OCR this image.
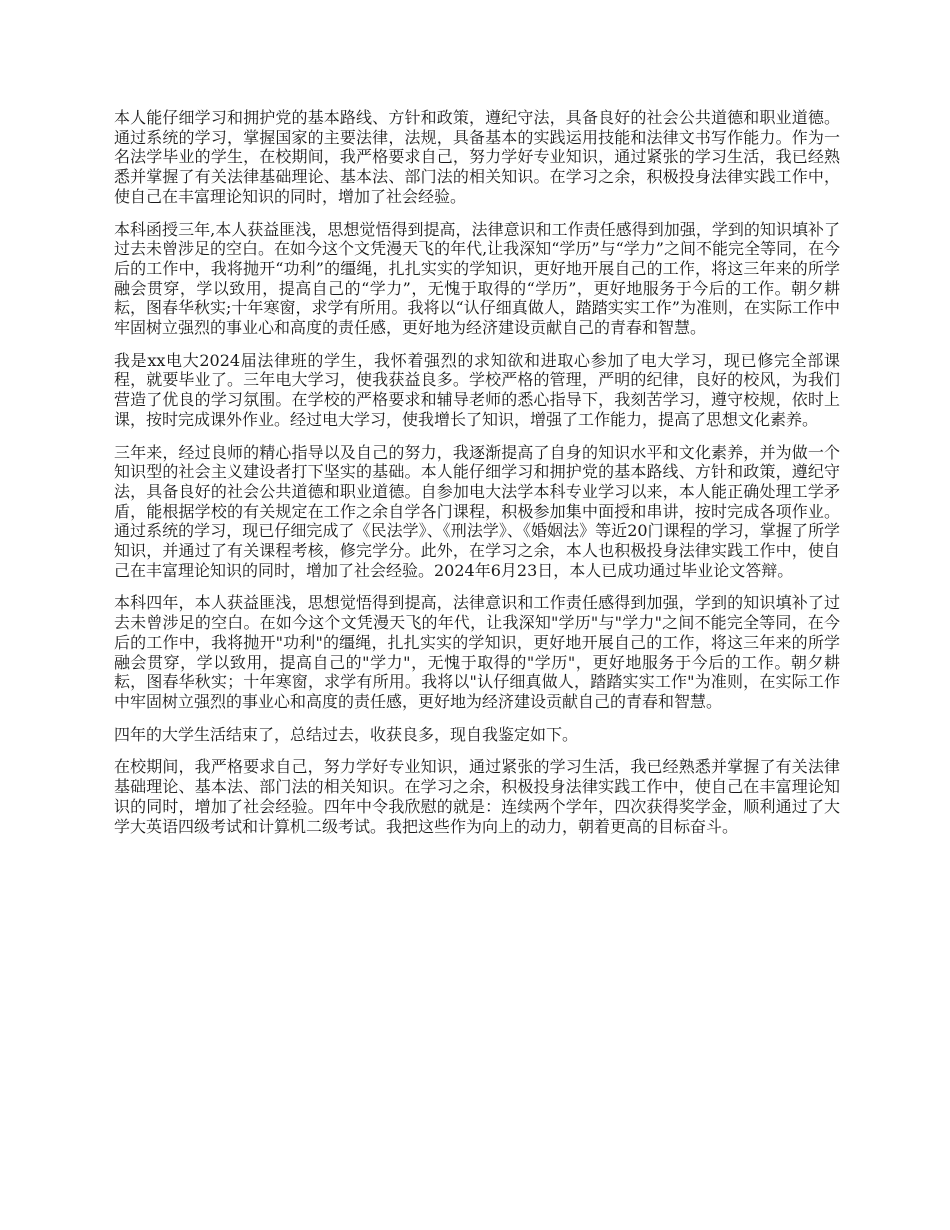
本人能仔细学习和拥护党的基本路线、方针和政策，遵纪守法，具备良好的社会公共道德和职业道德。通过系统的学习，掌握国家的主要法律，法规，具备基本的实践运用技能和法律文书写作能力。作为一名法学毕业的学生，在校期间，我严格要求自己，努力学好专业知识，通过紧张的学习生活，我已经熟悉并掌握了有关法律基础理论、基本法、部门法的相关知识。在学习之余，积极投身法律实践工作中，使自己在丰富理论知识的同时，增加了社会经验。

本科函授三年,本人获益匪浅，思想觉悟得到提高，法律意识和工作责任感得到加强，学到的知识填补了过去未曾涉足的空白。在如今这个文凭漫天飞的年代,让我深知“学历”与“学力”之间不能完全等同，在今后的工作中，我将抛开“功利”的缰绳，扎扎实实的学知识，更好地开展自己的工作，将这三年来的所学融会贯穿，学以致用，提高自己的“学力”，无愧于取得的“学历”，更好地服务于今后的工作。朝夕耕耘，图春华秋实;十年寒窗，求学有所用。我将以“认仔细真做人，踏踏实实工作”为准则，在实际工作中牢固树立强烈的事业心和高度的责任感，更好地为经济建设贡献自己的青春和智慧。

我是xx电大2024届法律班的学生，我怀着强烈的求知欲和进取心参加了电大学习，现已修完全部课程，就要毕业了。三年电大学习，使我获益良多。学校严格的管理，严明的纪律，良好的校风，为我们营造了优良的学习氛围。在学校的严格要求和辅导老师的悉心指导下，我刻苦学习，遵守校规，依时上课，按时完成课外作业。经过电大学习，使我增长了知识，增强了工作能力，提高了思想文化素养。

三年来，经过良师的精心指导以及自己的努力，我逐渐提高了自身的知识水平和文化素养，并为做一个知识型的社会主义建设者打下坚实的基础。本人能仔细学习和拥护党的基本路线、方针和政策，遵纪守法，具备良好的社会公共道德和职业道德。自参加电大法学本科专业学习以来，本人能正确处理工学矛盾，能根据学校的有关规定在工作之余自学各门课程，积极参加集中面授和串讲，按时完成各项作业。通过系统的学习，现已仔细完成了《民法学》、《刑法学》、《婚姻法》等近20门课程的学习，掌握了所学知识，并通过了有关课程考核，修完学分。此外，在学习之余，本人也积极投身法律实践工作中，使自己在丰富理论知识的同时，增加了社会经验。2024年6月23日，本人已成功通过毕业论文答辩。

本科四年，本人获益匪浅，思想觉悟得到提高，法律意识和工作责任感得到加强，学到的知识填补了过去未曾涉足的空白。在如今这个文凭漫天飞的年代，让我深知"学历"与"学力"之间不能完全等同，在今后的工作中，我将抛开"功利"的缰绳，扎扎实实的学知识，更好地开展自己的工作，将这三年来的所学融会贯穿，学以致用，提高自己的"学力"，无愧于取得的"学历"，更好地服务于今后的工作。朝夕耕耘，图春华秋实；十年寒窗，求学有所用。我将以"认仔细真做人，踏踏实实工作"为准则，在实际工作中牢固树立强烈的事业心和高度的责任感，更好地为经济建设贡献自己的青春和智慧。

四年的大学生活结束了，总结过去，收获良多，现自我鉴定如下。

在校期间，我严格要求自己，努力学好专业知识，通过紧张的学习生活，我已经熟悉并掌握了有关法律基础理论、基本法、部门法的相关知识。在学习之余，积极投身法律实践工作中，使自己在丰富理论知识的同时，增加了社会经验。四年中令我欣慰的就是：连续两个学年，四次获得奖学金，顺利通过了大学大英语四级考试和计算机二级考试。我把这些作为向上的动力，朝着更高的目标奋斗。
